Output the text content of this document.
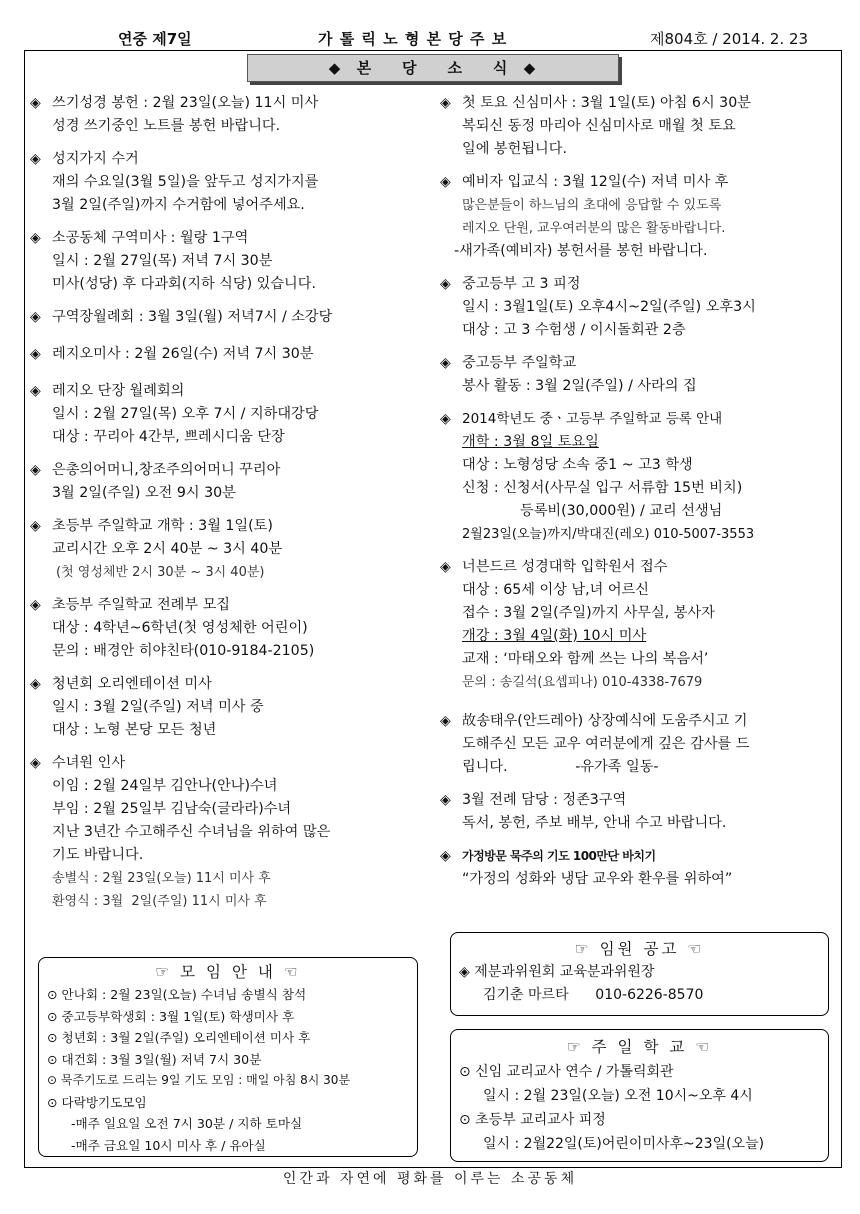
연중 제7일	가 톨 릭 노 형 본 당 주 보	제804호 / 2014. 2. 23
◆  본    당    소    식  ◆
◈ 쓰기성경 봉헌 : 2월 23일(오늘) 11시 미사
성경 쓰기중인 노트를 봉헌 바랍니다.
◈ 성지가지 수거
재의 수요일(3월 5일)을 앞두고 성지가지를
3월 2일(주일)까지 수거함에 넣어주세요.
◈ 소공동체 구역미사 : 월랑 1구역
일시 : 2월 27일(목) 저녁 7시 30분
미사(성당) 후 다과회(지하 식당) 있습니다.
◈ 구역장월례회 : 3월 3일(월) 저녁7시 / 소강당
◈ 레지오미사 : 2월 26일(수) 저녁 7시 30분
◈ 레지오 단장 월례회의
일시 : 2월 27일(목) 오후 7시 / 지하대강당
대상 : 꾸리아 4간부, 쁘레시디움 단장
◈ 은총의어머니,창조주의어머니 꾸리아
3월 2일(주일) 오전 9시 30분
◈ 초등부 주일학교 개학 : 3월 1일(토)
교리시간 오후 2시 40분 ~ 3시 40분
(첫 영성체반 2시 30분 ~ 3시 40분)
◈ 초등부 주일학교 전례부 모집
대상 : 4학년~6학년(첫 영성체한 어린이)
문의 : 배경안 히야친타(010-9184-2105)
◈ 청년회 오리엔테이션 미사
일시 : 3월 2일(주일) 저녁 미사 중
대상 : 노형 본당 모든 청년
◈ 수녀원 인사
이임 : 2월 24일부 김안나(안나)수녀
부임 : 2월 25일부 김남숙(글라라)수녀
지난 3년간 수고해주신 수녀님을 위하여 많은
기도 바랍니다.
송별식 : 2월 23일(오늘) 11시 미사 후
환영식 : 3월  2일(주일) 11시 미사 후
◈ 첫 토요 신심미사 : 3월 1일(토) 아침 6시 30분
복되신 동정 마리아 신심미사로 매월 첫 토요
일에 봉헌됩니다.
◈ 예비자 입교식 : 3월 12일(수) 저녁 미사 후
많은분들이 하느님의 초대에 응답할 수 있도록
레지오 단원, 교우여러분의 많은 활동바랍니다.
-새가족(예비자) 봉헌서를 봉헌 바랍니다.
◈ 중고등부 고 3 피정
일시 : 3월1일(토) 오후4시~2일(주일) 오후3시
대상 : 고 3 수험생 / 이시돌회관 2층
◈ 중고등부 주일학교
봉사 활동 : 3월 2일(주일) / 사라의 집
◈ 2014학년도 중ㆍ고등부 주일학교 등록 안내
개학 : 3월 8일 토요일
대상 : 노형성당 소속 중1 ~ 고3 학생
신청 : 신청서(사무실 입구 서류함 15번 비치)
등록비(30,000원) / 교리 선생님
2월23일(오늘)까지/박대진(레오) 010-5007-3553
◈ 너븐드르 성경대학 입학원서 접수
대상 : 65세 이상 남,녀 어르신
접수 : 3월 2일(주일)까지 사무실, 봉사자
개강 : 3월 4일(화) 10시 미사
교재 : ‘마태오와 함께 쓰는 나의 복음서’
문의 : 송길석(요셉피나) 010-4338-7679
◈ 故송태우(안드레아) 상장예식에 도움주시고 기
도해주신 모든 교우 여러분에게 깊은 감사를 드
립니다.               -유가족 일동-
◈ 3월 전례 담당 : 정존3구역
독서, 봉헌, 주보 배부, 안내 수고 바랍니다.
◈ 가정방문 묵주의 기도 100만단 바치기
“가정의 성화와 냉담 교우와 환우를 위하여”
☞ 모 임 안 내 ☜
⊙ 안나회 : 2월 23일(오늘) 수녀님 송별식 참석
⊙ 중고등부학생회 : 3월 1일(토) 학생미사 후
⊙ 청년회 : 3월 2일(주일) 오리엔테이션 미사 후
⊙ 대건회 : 3월 3일(월) 저녁 7시 30분
⊙ 묵주기도로 드리는 9일 기도 모임 : 매일 아침 8시 30분
⊙ 다락방기도모임
-매주 일요일 오전 7시 30분 / 지하 토마실
-매주 금요일 10시 미사 후 / 유아실
☞ 임원 공고 ☜
◈ 제분과위원회 교육분과위원장
김기춘 마르타      010-6226-8570
☞ 주 일 학 교 ☜
⊙ 신임 교리교사 연수 / 가톨릭회관
일시 : 2월 23일(오늘) 오전 10시~오후 4시
⊙ 초등부 교리교사 피정
일시 : 2월22일(토)어린이미사후~23일(오늘)
인간과 자연에 평화를 이루는 소공동체
